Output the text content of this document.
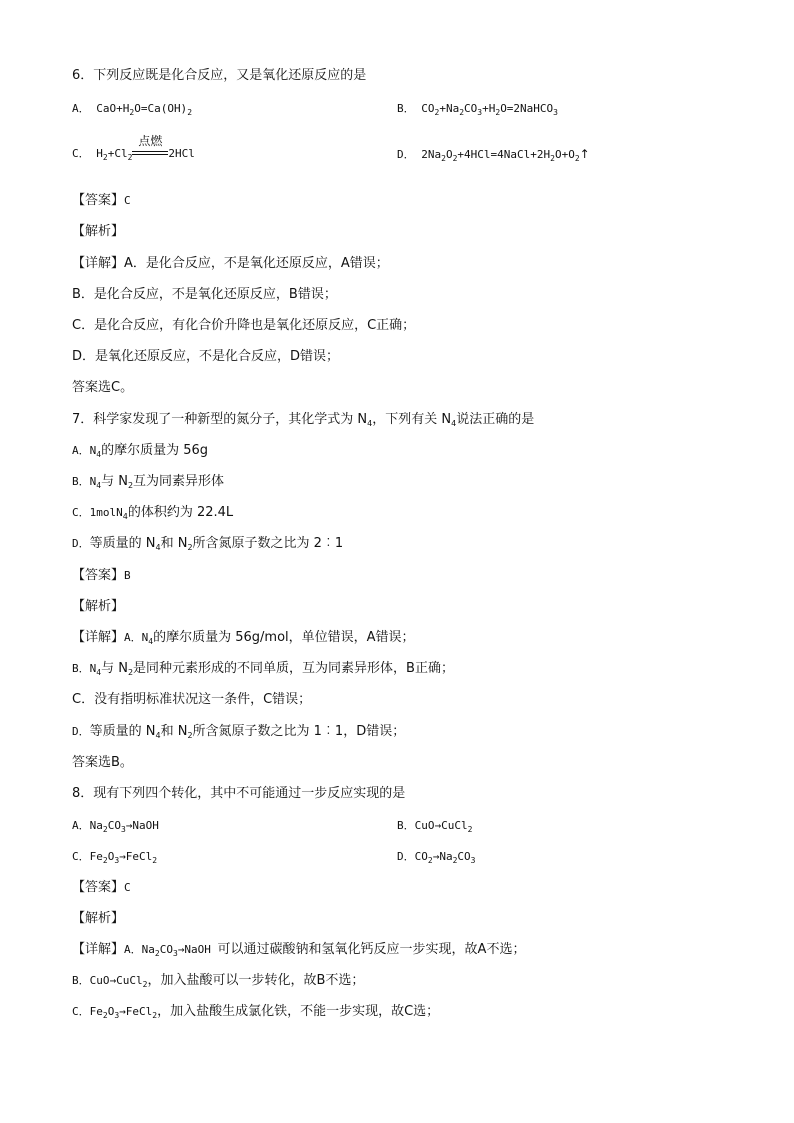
6．下列反应既是化合反应，又是氧化还原反应的是
A． $CaO+H_2O=Ca(OH)_2$	B． $CO_2+Na_2CO_3+H_2O=2NaHCO_3$
C． $H_2+Cl_2$
点燃
2HCl	D． $2Na_2O_2+4HCl=4NaCl+2H_2O+O_2↑$
【答案】C
【解析】
【详解】A．是化合反应，不是氧化还原反应，A错误；
B．是化合反应，不是氧化还原反应，B错误；
C．是化合反应，有化合价升降也是氧化还原反应，C正确；
D．是氧化还原反应，不是化合反应，D错误；
答案选C。
7．科学家发现了一种新型的氮分子，其化学式为 $N_4$，下列有关 $N_4$说法正确的是
A．$N_4$的摩尔质量为 56g
B．$N_4$与 $N_2$互为同素异形体
C．1molN$_4$的体积约为 22.4L
D．等质量的 $N_4$和 $N_2$所含氮原子数之比为 2︰1
【答案】B
【解析】
【详解】A．$N_4$的摩尔质量为 56g/mol，单位错误，A错误；
B．$N_4$与 $N_2$是同种元素形成的不同单质，互为同素异形体，B正确；
C．没有指明标准状况这一条件，C错误；
D．等质量的 $N_4$和 $N_2$所含氮原子数之比为 1︰1，D错误；
答案选B。
8．现有下列四个转化，其中不可能通过一步反应实现的是
A．$Na_2CO_3\to NaOH$	B．CuO→CuCl$_2$
C．$Fe_2O_3\to FeCl_2$	D．$CO_2\to Na_2CO_3$
【答案】C
【解析】
【详解】A．$Na_2CO_3\to NaOH$ 可以通过碳酸钠和氢氧化钙反应一步实现，故A不选；
B．CuO→CuCl$_2$，加入盐酸可以一步转化，故B不选；
C．$Fe_2O_3\to FeCl_2$，加入盐酸生成氯化铁，不能一步实现，故C选；
